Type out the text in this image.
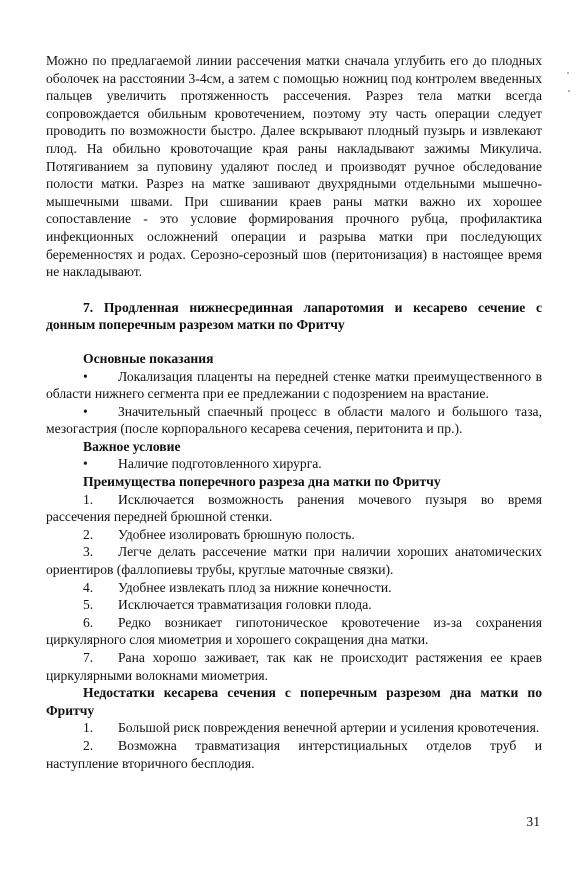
Можно по предлагаемой линии рассечения матки сначала углубить его до плодных оболочек на расстоянии 3-4см, а затем с помощью ножниц под контролем введенных пальцев увеличить протяженность рассечения. Разрез тела матки всегда сопровождается обильным кровотечением, поэтому эту часть операции следует проводить по возможности быстро. Далее вскрывают плодный пузырь и извлекают плод. На обильно кровоточащие края раны накладывают зажимы Микулича. Потягиванием за пуповину удаляют послед и производят ручное обследование полости матки. Разрез на матке зашивают двухрядными отдельными мышечно-мышечными швами. При сшивании краев раны матки важно их хорошее сопоставление - это условие формирования прочного рубца, профилактика инфекционных осложнений операции и разрыва матки при последующих беременностях и родах. Серозно-серозный шов (перитонизация) в настоящее время не накладывают.

7. Продленная нижнесрединная лапаротомия и кесарево сечение с донным поперечным разрезом матки по Фритчу

Основные показания

• Локализация плаценты на передней стенке матки преимущественного в области нижнего сегмента при ее предлежании с подозрением на врастание.

• Значительный спаечный процесс в области малого и большого таза, мезогастрия (после корпорального кесарева сечения, перитонита и пр.).

Важное условие

• Наличие подготовленного хирурга.

Преимущества поперечного разреза дна матки по Фритчу

1. Исключается возможность ранения мочевого пузыря во время рассечения передней брюшной стенки.

2. Удобнее изолировать брюшную полость.

3. Легче делать рассечение матки при наличии хороших анатомических ориентиров (фаллопиевы трубы, круглые маточные связки).

4. Удобнее извлекать плод за нижние конечности.

5. Исключается травматизация головки плода.

6. Редко возникает гипотоническое кровотечение из-за сохранения циркулярного слоя миометрия и хорошего сокращения дна матки.

7. Рана хорошо заживает, так как не происходит растяжения ее краев циркулярными волокнами миометрия.

Недостатки кесарева сечения с поперечным разрезом дна матки по Фритчу

1. Большой риск повреждения венечной артерии и усиления кровотечения.

2. Возможна травматизация интерстициальных отделов труб и наступление вторичного бесплодия.

31
